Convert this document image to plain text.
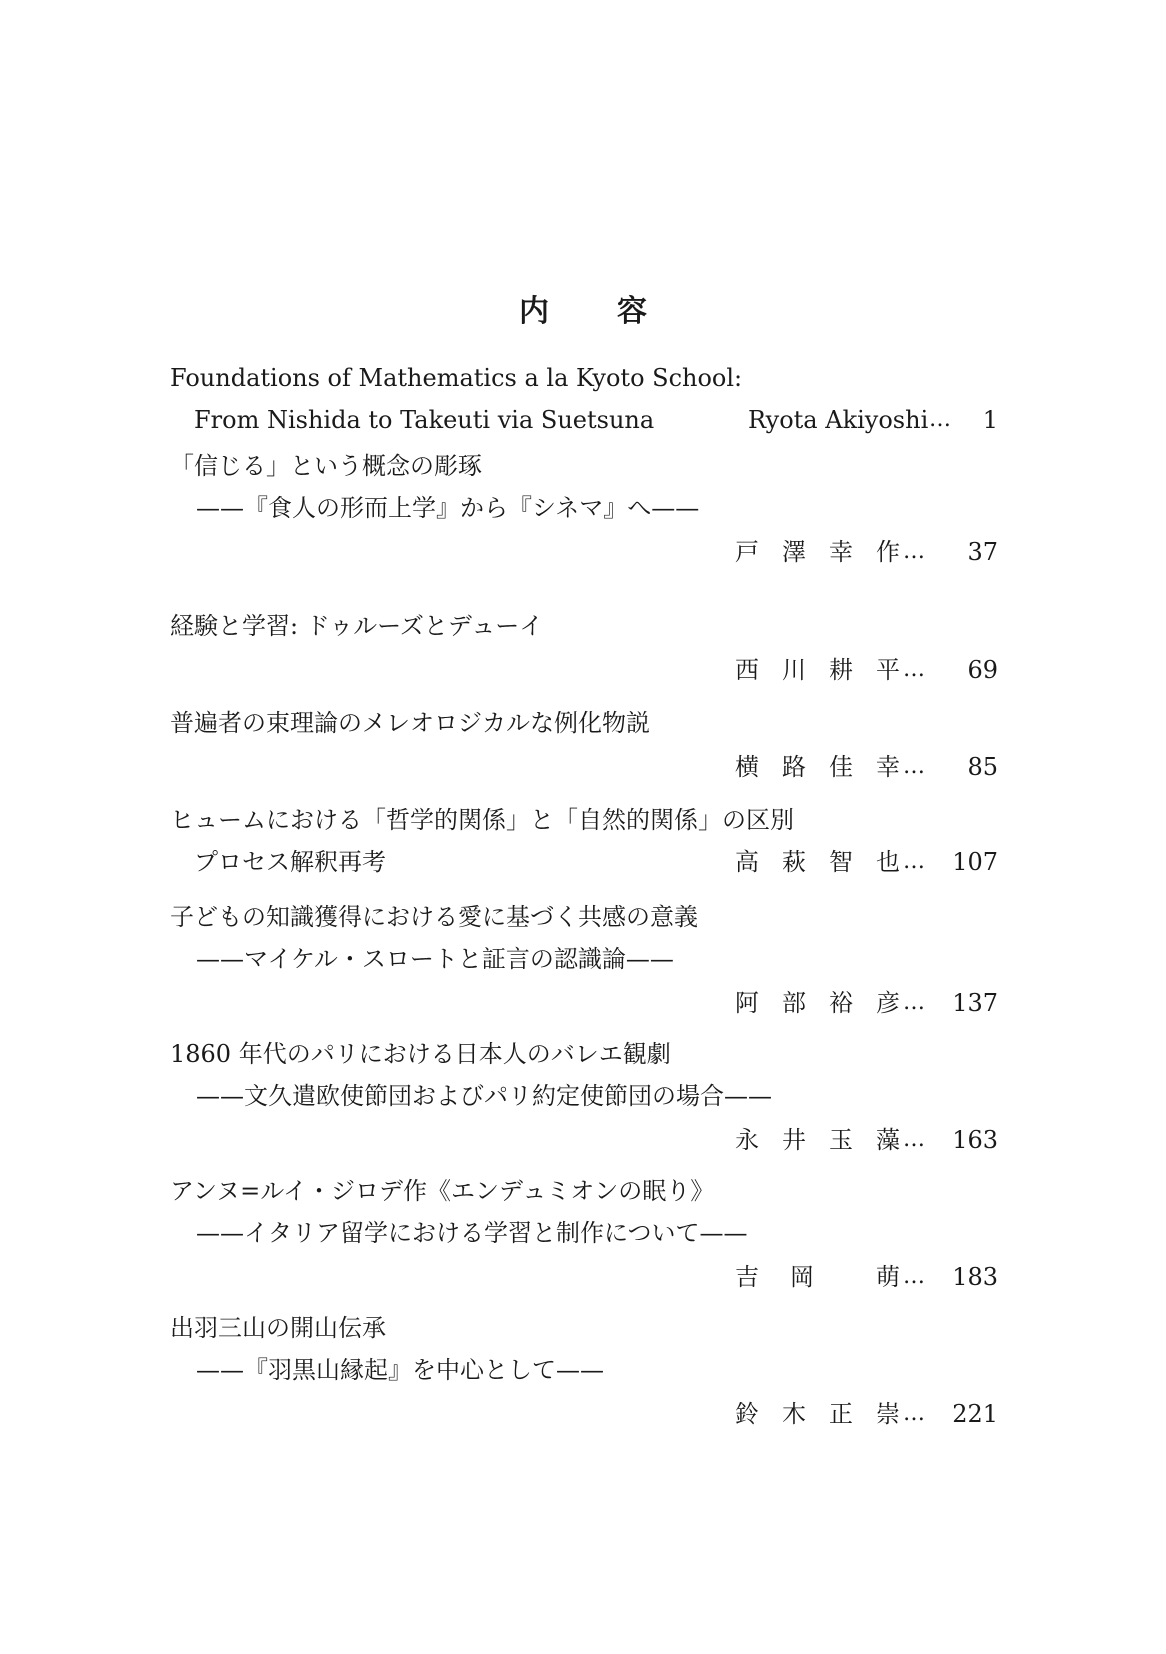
内容
Foundations of Mathematics a la Kyoto School:
From Nishida to Takeuti via Suetsuna	Ryota Akiyoshi … 1
「信じる」という概念の彫琢
——『食人の形而上学』から『シネマ』へ——
戸 澤 幸 作 … 37
経験と学習: ドゥルーズとデューイ
西 川 耕 平 … 69
普遍者の束理論のメレオロジカルな例化物説
横 路 佳 幸 … 85
ヒュームにおける「哲学的関係」と「自然的関係」の区別
プロセス解釈再考	高 萩 智 也 … 107
子どもの知識獲得における愛に基づく共感の意義
——マイケル・スロートと証言の認識論——
阿 部 裕 彦 … 137
1860 年代のパリにおける日本人のバレエ観劇
——文久遣欧使節団およびパリ約定使節団の場合——
永 井 玉 藻 … 163
アンヌ=ルイ・ジロデ作《エンデュミオンの眠り》
——イタリア留学における学習と制作について——
吉 岡	萌 … 183
出羽三山の開山伝承
——『羽黒山縁起』を中心として——
鈴 木 正 崇 … 221
